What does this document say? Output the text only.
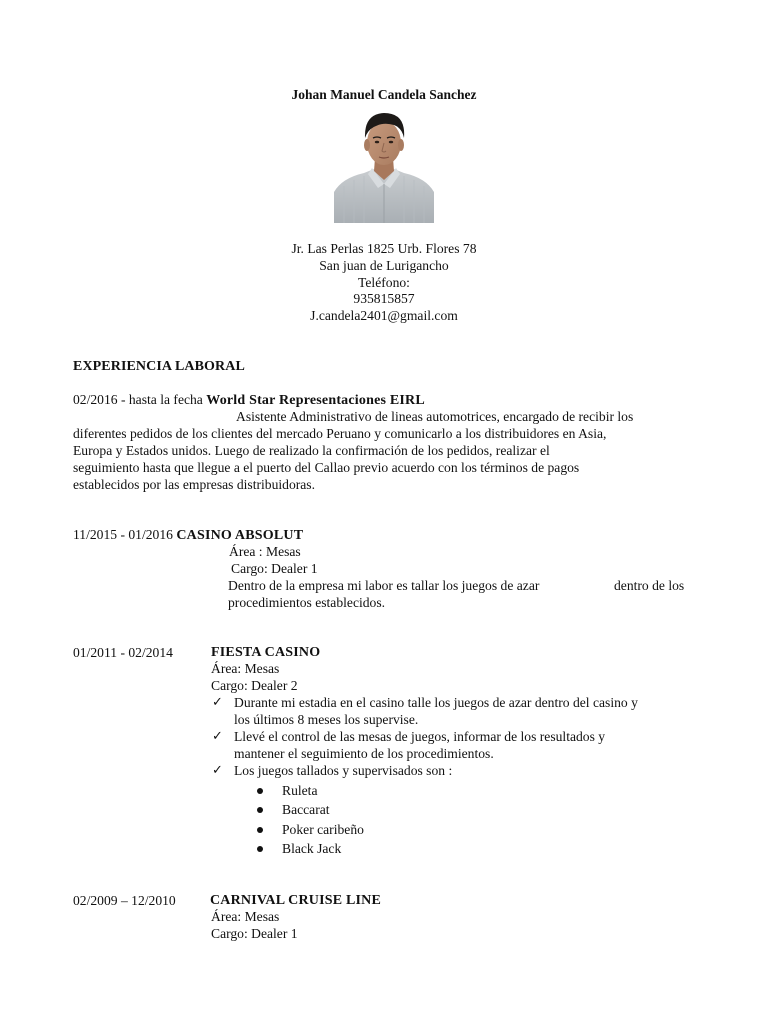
Johan Manuel Candela Sanchez
Jr. Las Perlas 1825 Urb. Flores 78
San juan de Lurigancho
Teléfono:
935815857
J.candela2401@gmail.com
EXPERIENCIA LABORAL
02/2016 - hasta la fecha World Star Representaciones EIRL
Asistente Administrativo de lineas automotrices, encargado de recibir los
diferentes pedidos de los clientes del mercado Peruano y comunicarlo a los distribuidores en Asia,
Europa y Estados unidos. Luego de realizado la confirmación de los pedidos, realizar el
seguimiento hasta que llegue a el puerto del Callao previo acuerdo con los términos de pagos
establecidos por las empresas distribuidoras.
11/2015 - 01/2016 CASINO ABSOLUT
Área : Mesas
Cargo: Dealer 1
Dentro de la empresa mi labor es tallar los juegos de azar	dentro de los
procedimientos establecidos.
01/2011 - 02/2014	FIESTA CASINO
Área: Mesas
Cargo: Dealer 2
✓ Durante mi estadia en el casino talle los juegos de azar dentro del casino y
los últimos 8 meses los supervise.
✓ Llevé el control de las mesas de juegos, informar de los resultados y
mantener el seguimiento de los procedimientos.
✓ Los juegos tallados y supervisados son :
Ruleta
Baccarat
Poker caribeño
Black Jack
02/2009 – 12/2010 CARNIVAL CRUISE LINE
Área: Mesas
Cargo: Dealer 1
